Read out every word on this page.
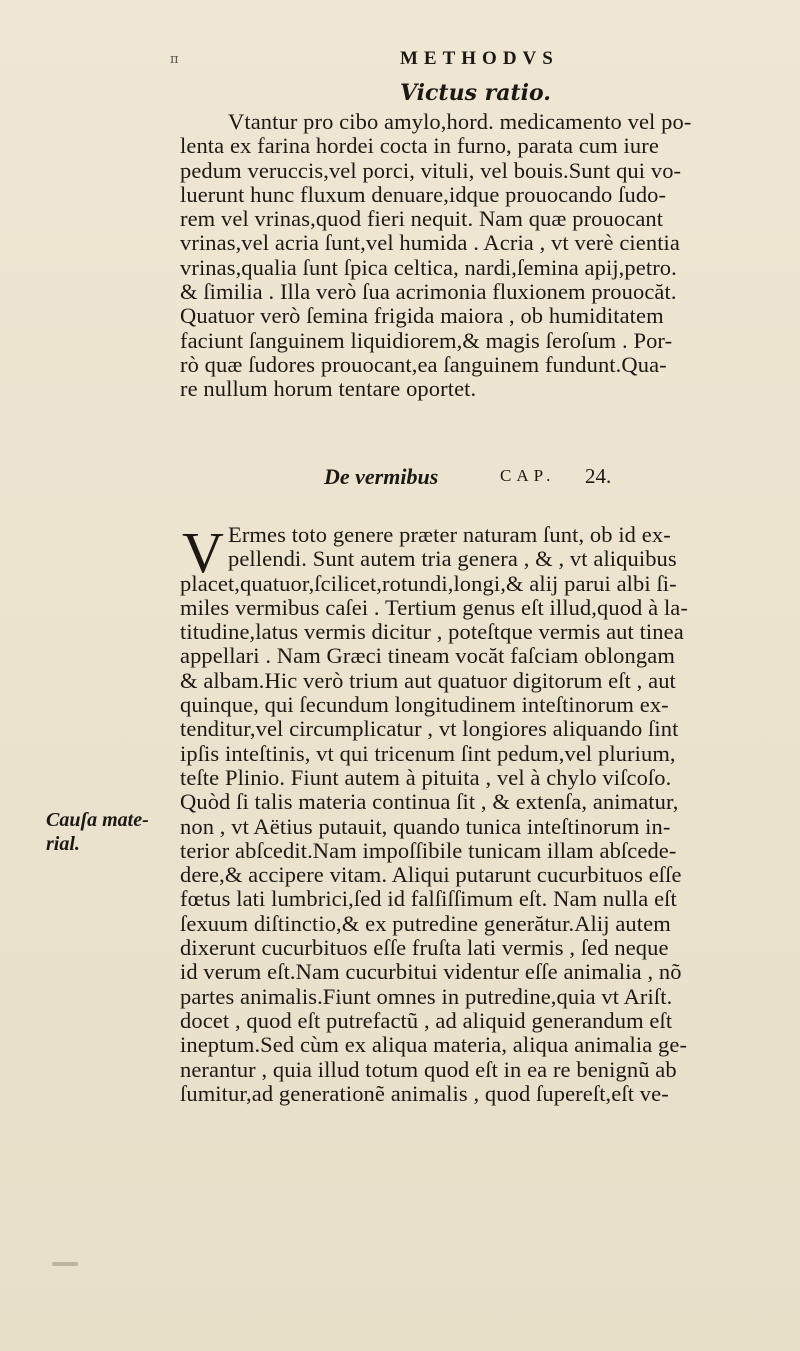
π	METHODVS
Victus ratio.
Vtantur pro cibo amylo,hord. medicamento vel po-
lenta ex farina hordei cocta in furno, parata cum iure
pedum veruccis,vel porci, vituli, vel bouis.Sunt qui vo-
luerunt hunc fluxum denuare,idque prouocando ſudo-
rem vel vrinas,quod fieri nequit. Nam quæ prouocant
vrinas,vel acria ſunt,vel humida . Acria , vt verè cientia
vrinas,qualia ſunt ſpica celtica, nardi,ſemina apij,petro.
& ſimilia . Illa verò ſua acrimonia fluxionem prouocăt.
Quatuor verò ſemina frigida maiora , ob humiditatem
faciunt ſanguinem liquidiorem,& magis ſeroſum . Por-
rò quæ ſudores prouocant,ea ſanguinem fundunt.Qua-
re nullum horum tentare oportet.
De vermibus	CAP. 24.
V Ermes toto genere præter naturam ſunt, ob id ex-
pellendi. Sunt autem tria genera , & , vt aliquibus
placet,quatuor,ſcilicet,rotundi,longi,& alij parui albi ſi-
miles vermibus caſei . Tertium genus eſt illud,quod à la-
titudine,latus vermis dicitur , poteſtque vermis aut tinea
appellari . Nam Græci tineam vocăt faſciam oblongam
& albam.Hic verò trium aut quatuor digitorum eſt , aut
quinque, qui ſecundum longitudinem inteſtinorum ex-
tenditur,vel circumplicatur , vt longiores aliquando ſint
ipſis inteſtinis, vt qui tricenum ſint pedum,vel plurium,
teſte Plinio. Fiunt autem à pituita , vel à chylo viſcoſo.
Quòd ſi talis materia continua ſit , & extenſa, animatur,
non , vt Aëtius putauit, quando tunica inteſtinorum in-
terior abſcedit.Nam impoſſibile tunicam illam abſcede-
dere,& accipere vitam. Aliqui putarunt cucurbituos eſſe
fœtus lati lumbrici,ſed id falſiſſimum eſt. Nam nulla eſt
ſexuum diſtinctio,& ex putredine generătur.Alij autem
dixerunt cucurbituos eſſe fruſta lati vermis , ſed neque
id verum eſt.Nam cucurbitui videntur eſſe animalia , nõ
partes animalis.Fiunt omnes in putredine,quia vt Ariſt.
docet , quod eſt putrefactũ , ad aliquid generandum eſt
ineptum.Sed cùm ex aliqua materia, aliqua animalia ge-
nerantur , quia illud totum quod eſt in ea re benignũ ab
ſumitur,ad generationẽ animalis , quod ſupereſt,eſt ve-
Cauſa mate-
rial.
